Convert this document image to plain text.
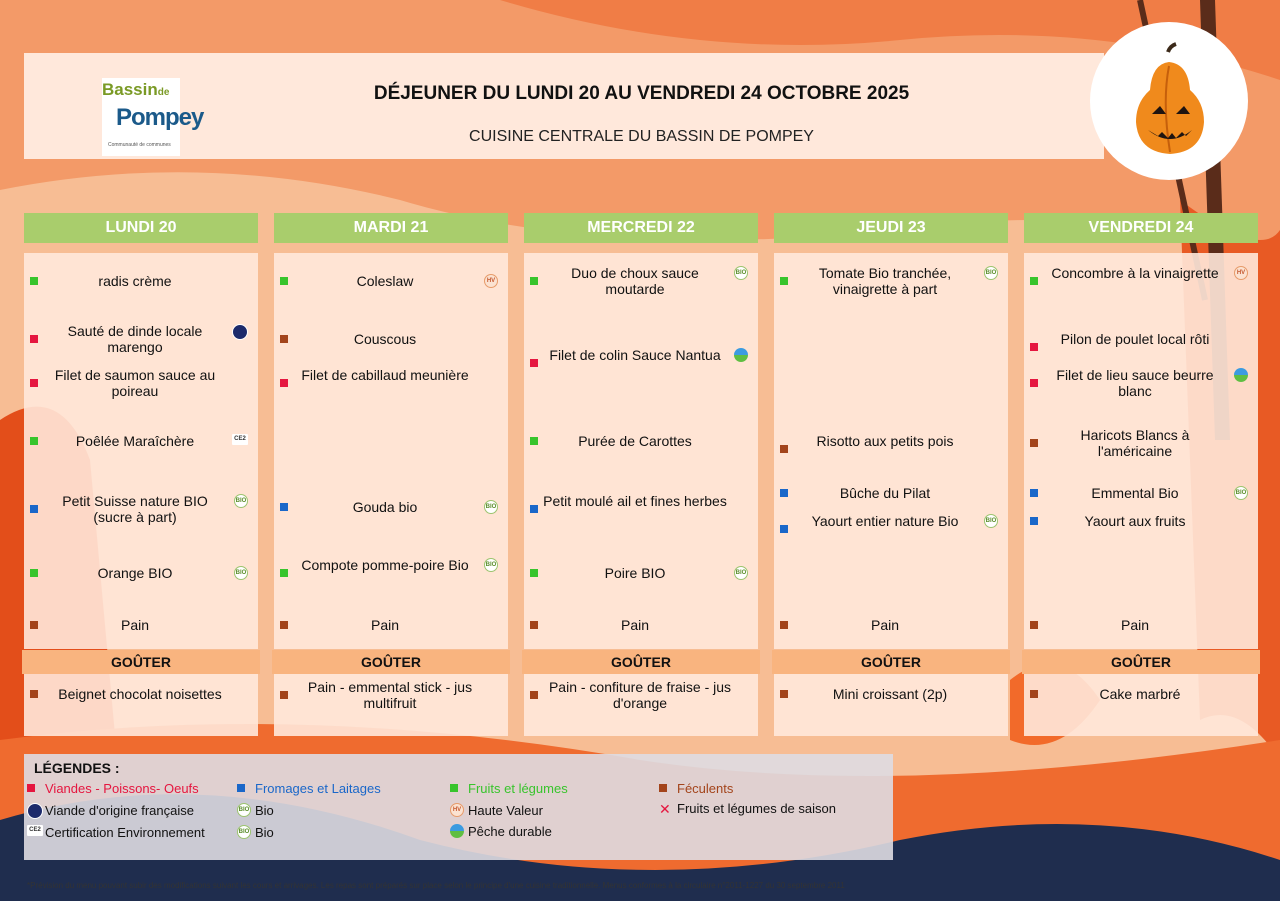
Bassinde
Pompey
Communauté de communes
DÉJEUNER DU LUNDI 20 AU VENDREDI 24 OCTOBRE 2025
CUISINE CENTRALE DU BASSIN DE POMPEY
LUNDI 20
radis crème
Sauté de dinde locale marengo
Filet de saumon sauce au poireau
Poêlée Maraîchère	CE2
Petit Suisse nature BIO (sucre à part)
BIO
Orange BIO	BIO
Pain
GOÛTER
Beignet chocolat noisettes
MARDI 21
Coleslaw	HV
Couscous
Filet de cabillaud meunière
Gouda bio	BIO
Compote pomme-poire Bio	BIO
Pain
GOÛTER
Pain - emmental stick - jus multifruit
MERCREDI 22
Duo de choux sauce moutarde
BIO
Filet de colin Sauce Nantua
Purée de Carottes
Petit moulé ail et fines herbes
Poire BIO	BIO
Pain
GOÛTER
Pain - confiture de fraise - jus d'orange
JEUDI 23
Tomate Bio tranchée, vinaigrette à part
BIO
Risotto aux petits pois
Bûche du Pilat
Yaourt entier nature Bio	BIO
Pain
GOÛTER
Mini croissant (2p)
VENDREDI 24
Concombre à la vinaigrette	HV
Pilon de poulet local rôti
Filet de lieu sauce beurre blanc
Haricots Blancs à l'américaine
Emmental Bio	BIO
Yaourt aux fruits
Pain
GOÛTER
Cake marbré
LÉGENDES :
Viandes - Poissons- Oeufs	Fromages et Laitages	Fruits et légumes	Féculents
Viande d'origine française	BIO Bio	HV Haute Valeur	✕ Fruits et légumes de saison
CE2 Certification Environnement	BIO Bio	Pêche durable
*Prévision du menu pouvant subir des modifications suivant les cours et arrivages. Les repas sont préparés sur place selon le principe d'une cuisine traditionnelle. Menus conformes à la circulaire n°2011-1227 du 30 septembre 2011
